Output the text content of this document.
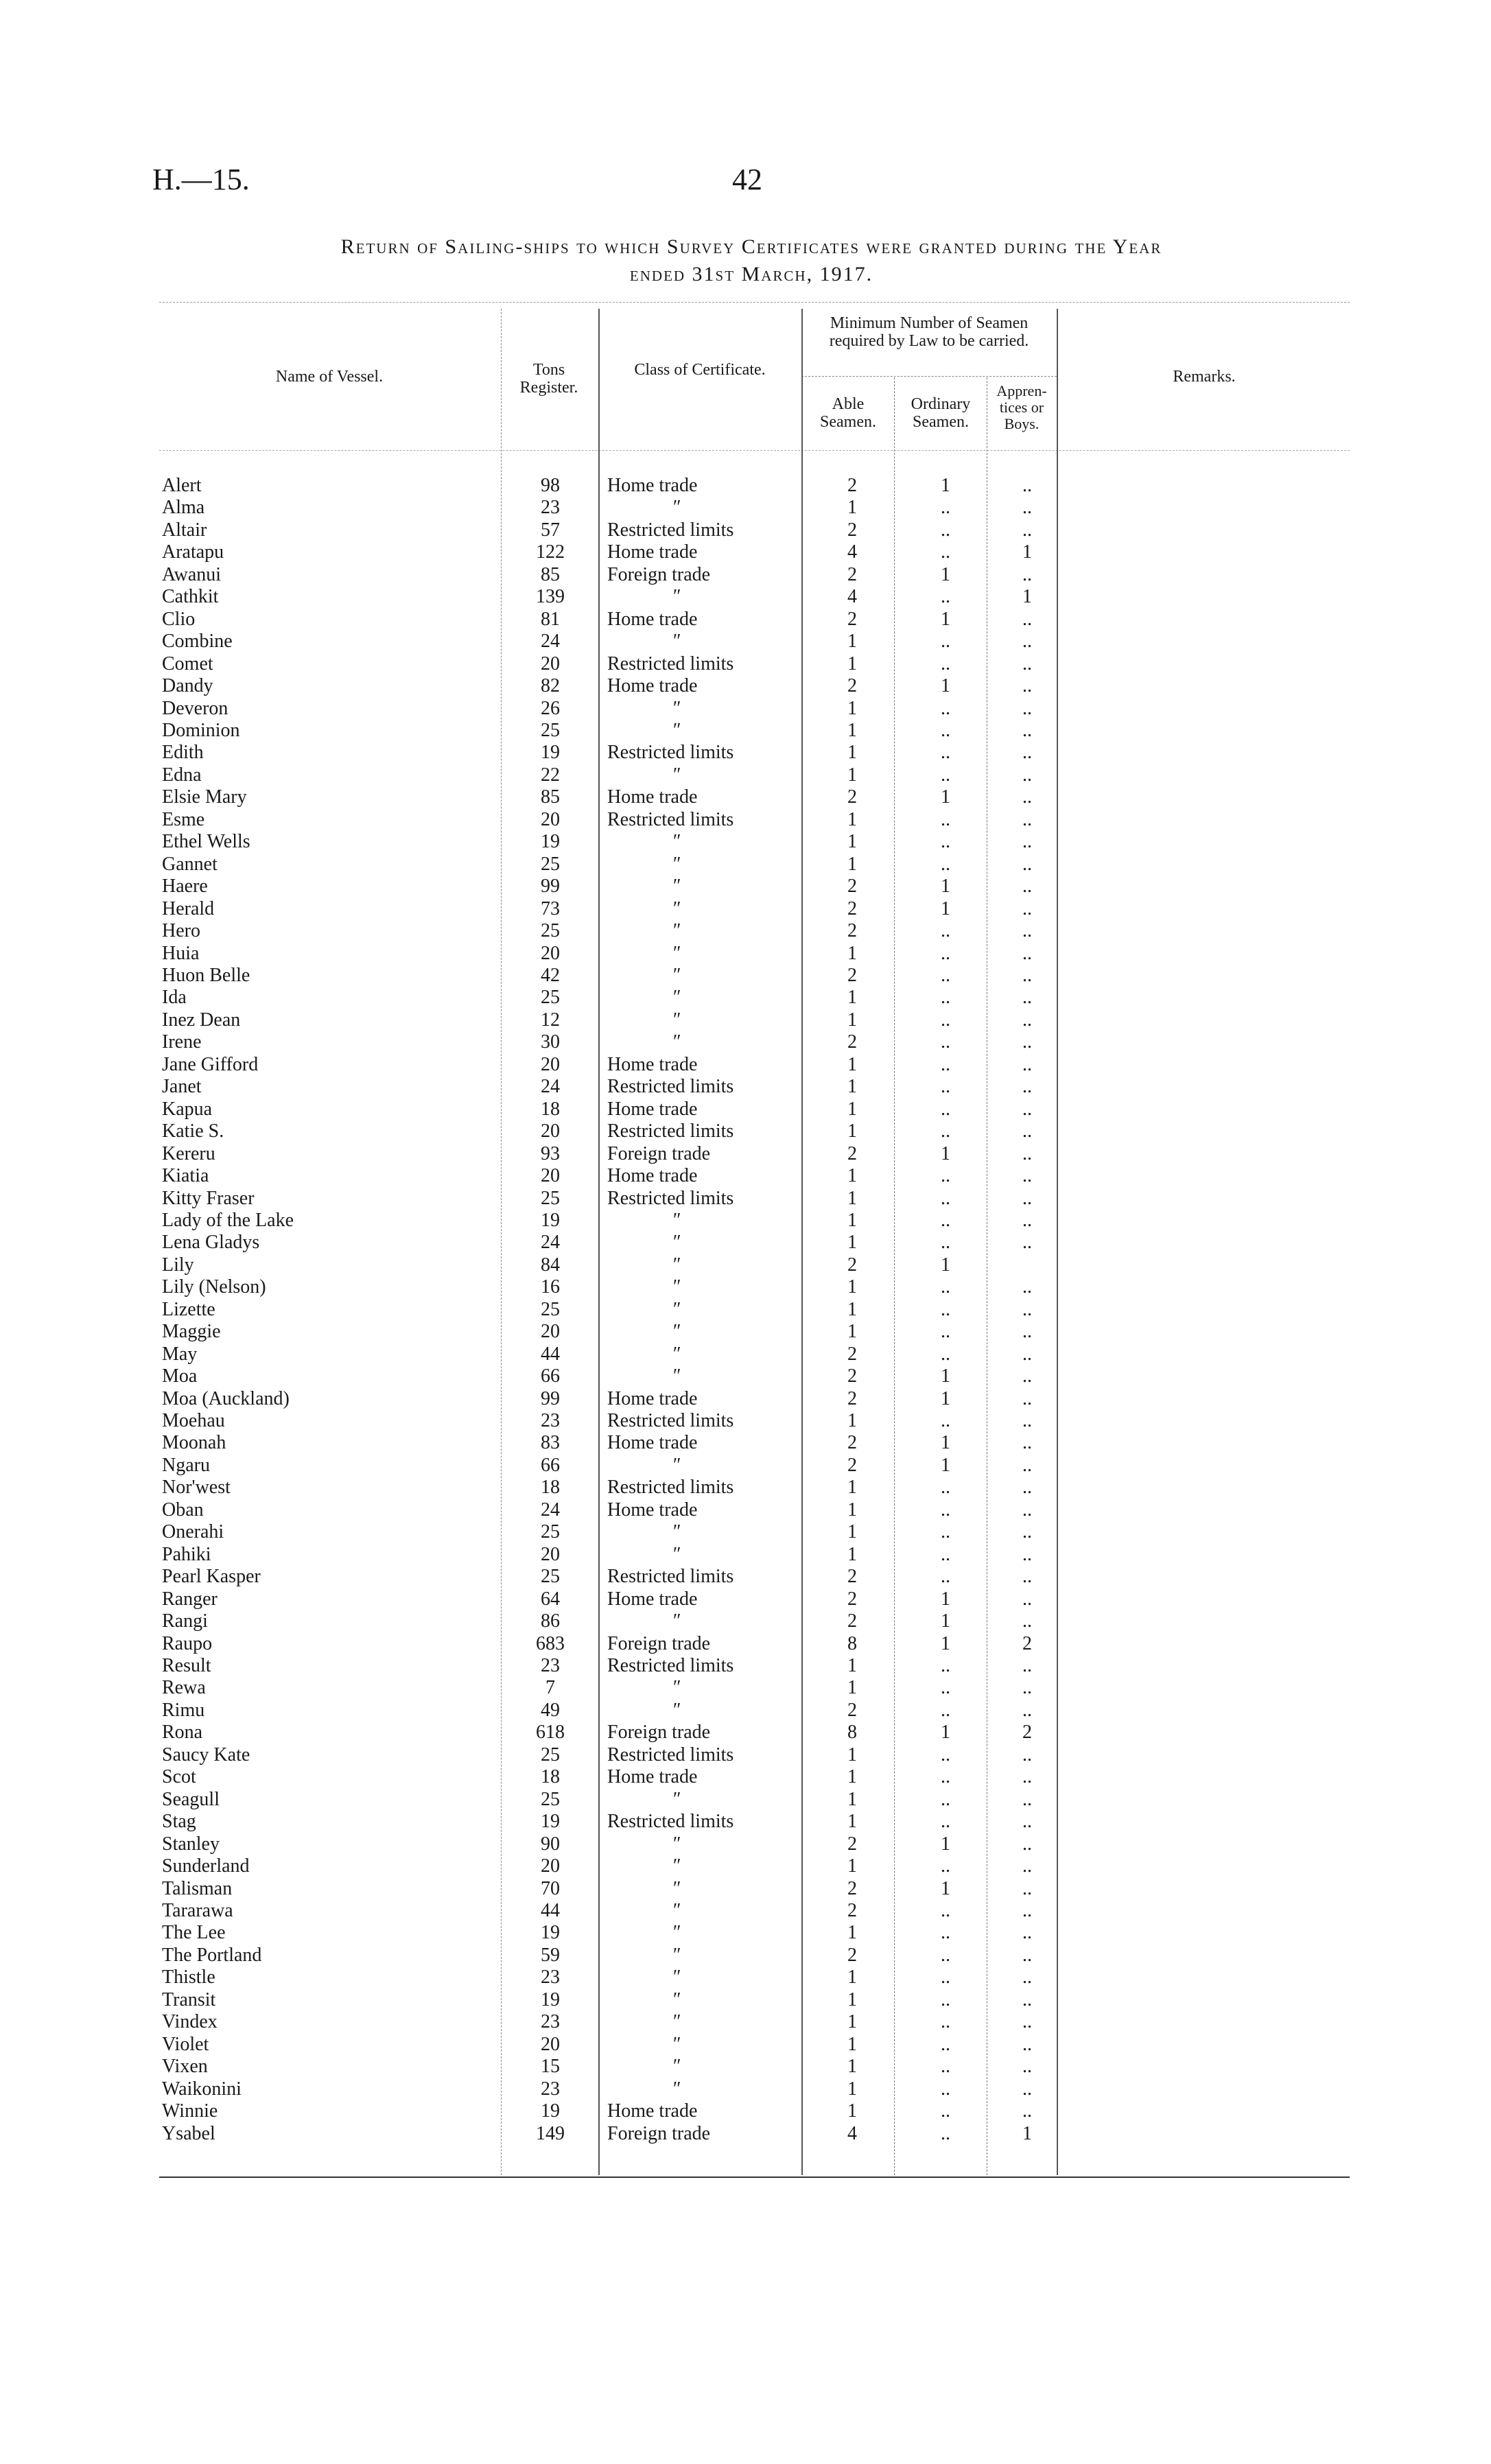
H.—15.	42
Return of Sailing-ships to which Survey Certificates were granted during the Year
ended 31st March, 1917.
Name of Vessel.	Tons Register.
Class of Certificate.
Minimum Number of Seamen required by Law to be carried.
Able Seamen.
Ordinary Seamen.
Appren-tices or Boys.
Remarks.
Alert	98	Home trade	2	1	..
Alma	23	″	1	..	..
Altair	57	Restricted limits	2	..	..
Aratapu	122	Home trade	4	..	1
Awanui	85	Foreign trade	2	1	..
Cathkit	139	″	4	..	1
Clio	81	Home trade	2	1	..
Combine	24	″	1	..	..
Comet	20	Restricted limits	1	..	..
Dandy	82	Home trade	2	1	..
Deveron	26	″	1	..	..
Dominion	25	″	1	..	..
Edith	19	Restricted limits	1	..	..
Edna	22	″	1	..	..
Elsie Mary	85	Home trade	2	1	..
Esme	20	Restricted limits	1	..	..
Ethel Wells	19	″	1	..	..
Gannet	25	″	1	..	..
Haere	99	″	2	1	..
Herald	73	″	2	1	..
Hero	25	″	2	..	..
Huia	20	″	1	..	..
Huon Belle	42	″	2	..	..
Ida	25	″	1	..	..
Inez Dean	12	″	1	..	..
Irene	30	″	2	..	..
Jane Gifford	20	Home trade	1	..	..
Janet	24	Restricted limits	1	..	..
Kapua	18	Home trade	1	..	..
Katie S.	20	Restricted limits	1	..	..
Kereru	93	Foreign trade	2	1	..
Kiatia	20	Home trade	1	..	..
Kitty Fraser	25	Restricted limits	1	..	..
Lady of the Lake	19	″	1	..	..
Lena Gladys	24	″	1	..	..
Lily	84	″	2	1
Lily (Nelson)	16	″	1	..	..
Lizette	25	″	1	..	..
Maggie	20	″	1	..	..
May	44	″	2	..	..
Moa	66	″	2	1	..
Moa (Auckland)	99	Home trade	2	1	..
Moehau	23	Restricted limits	1	..	..
Moonah	83	Home trade	2	1	..
Ngaru	66	″	2	1	..
Nor'west	18	Restricted limits	1	..	..
Oban	24	Home trade	1	..	..
Onerahi	25	″	1	..	..
Pahiki	20	″	1	..	..
Pearl Kasper	25	Restricted limits	2	..	..
Ranger	64	Home trade	2	1	..
Rangi	86	″	2	1	..
Raupo	683	Foreign trade	8	1	2
Result	23	Restricted limits	1	..	..
Rewa	7	″	1	..	..
Rimu	49	″	2	..	..
Rona	618	Foreign trade	8	1	2
Saucy Kate	25	Restricted limits	1	..	..
Scot	18	Home trade	1	..	..
Seagull	25	″	1	..	..
Stag	19	Restricted limits	1	..	..
Stanley	90	″	2	1	..
Sunderland	20	″	1	..	..
Talisman	70	″	2	1	..
Tararawa	44	″	2	..	..
The Lee	19	″	1	..	..
The Portland	59	″	2	..	..
Thistle	23	″	1	..	..
Transit	19	″	1	..	..
Vindex	23	″	1	..	..
Violet	20	″	1	..	..
Vixen	15	″	1	..	..
Waikonini	23	″	1	..	..
Winnie	19	Home trade	1	..	..
Ysabel	149	Foreign trade	4	..	1
